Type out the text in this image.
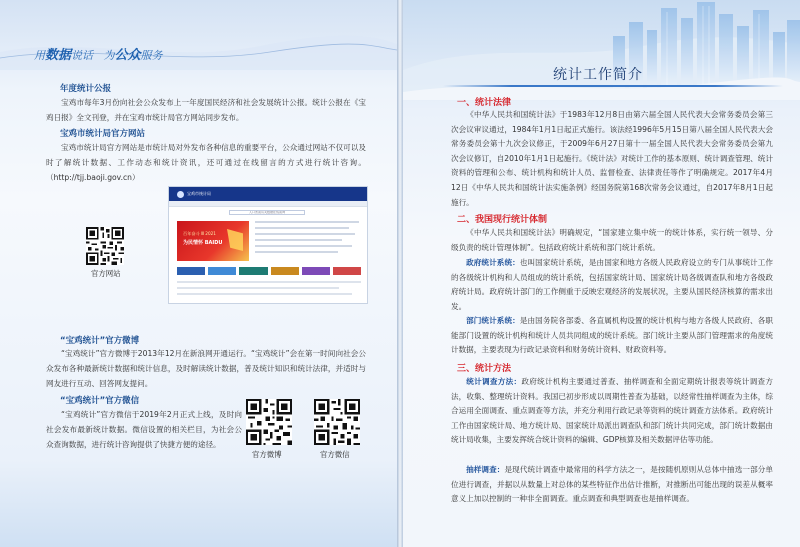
用数据说话 为公众服务
年度统计公报
宝鸡市每年3月份向社会公众发布上一年度国民经济和社会发展统计公报。统计公报在《宝鸡日报》全文刊登，并在宝鸡市统计局官方网站同步发布。
宝鸡市统计局官方网站
宝鸡市统计局官方网站是市统计局对外发布各种信息的重要平台，公众通过网站不仅可以及时了解统计数据、工作动态和统计资讯，还可通过在线留言的方式进行统计咨询。（http://tjj.baoji.gov.cn）
宝鸡市统计局
人口普查有关数据在线查询
百年奋斗 Ⅲ 2021
为民情怀 BAIDU
官方网站
“宝鸡统计”官方微博
“宝鸡统计”官方微博于2013年12月在新浪网开通运行。“宝鸡统计”会在第一时间向社会公众发布各种最新统计数据和统计信息，及时解读统计数据，普及统计知识和统计法律，并适时与网友进行互动、回答网友提问。
“宝鸡统计”官方微信
“宝鸡统计”官方微信于2019年2月正式上线，及时向社会发布最新统计数据。微信设置的相关栏目，为社会公众查询数据，进行统计咨询提供了快捷方便的途径。
官方微博	官方微信
统计工作简介
一、统计法律
《中华人民共和国统计法》于1983年12月8日由第六届全国人民代表大会常务委员会第三次会议审议通过，1984年1月1日起正式施行。该法经1996年5月15日第八届全国人民代表大会常务委员会第十九次会议修正，于2009年6月27日第十一届全国人民代表大会常务委员会第九次会议修订，自2010年1月1日起施行。《统计法》对统计工作的基本原则、统计调查管理、统计资料的管理和公布、统计机构和统计人员、监督检查、法律责任等作了明确规定。2017年4月12日《中华人民共和国统计法实施条例》经国务院第168次常务会议通过，自2017年8月1日起施行。
二、我国现行统计体制
《中华人民共和国统计法》明确规定，“国家建立集中统一的统计体系，实行统一领导、分级负责的统计管理体制”。包括政府统计系统和部门统计系统。
政府统计系统：也叫国家统计系统，是由国家和地方各级人民政府设立的专门从事统计工作的各级统计机构和人员组成的统计系统，包括国家统计局、国家统计局各级调查队和地方各级政府统计局。政府统计部门的工作侧重于反映宏观经济的发展状况，主要从国民经济核算的需求出发。
部门统计系统：是由国务院各部委、各直属机构设置的统计机构与地方各级人民政府、各职能部门设置的统计机构和统计人员共同组成的统计系统。部门统计主要从部门管理需求的角度统计数据，主要表现为行政记录资料和财务统计资料、财政资料等。
三、统计方法
统计调查方法：政府统计机构主要通过普查、抽样调查和全面定期统计报表等统计调查方法，收集、整理统计资料。我国已初步形成以周期性普查为基础，以经常性抽样调查为主体，综合运用全面调查、重点调查等方法，并充分利用行政记录等资料的统计调查方法体系。政府统计工作由国家统计局、地方统计局、国家统计局派出调查队和部门统计共同完成，部门统计数据由统计局收集，主要发挥统合统计资料的编辑、GDP核算及相关数据评估等功能。
抽样调查：是现代统计调查中最常用的科学方法之一，是按随机原则从总体中抽选一部分单位进行调查，并据以从数量上对总体的某些特征作出估计推断，对推断出可能出现的误差从概率意义上加以控制的一种非全面调查。重点调查和典型调查也是抽样调查。
